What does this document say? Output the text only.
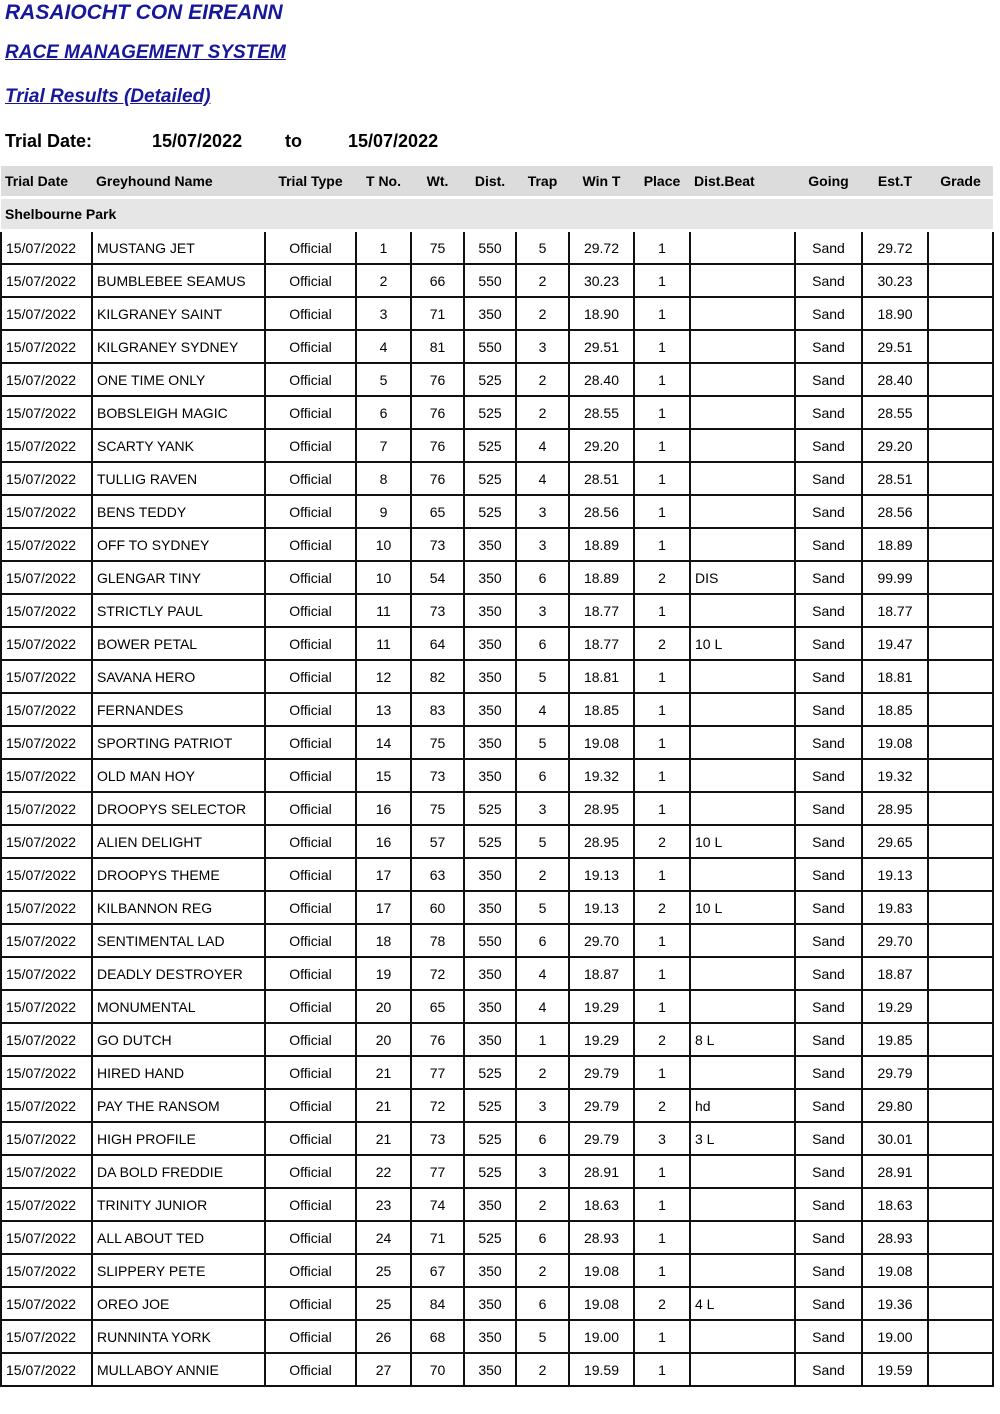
RASAIOCHT CON EIREANN
RACE MANAGEMENT SYSTEM
Trial Results (Detailed)
Trial Date:	15/07/2022 to	15/07/2022
Trial Date	Greyhound Name	Trial Type	T No.	Wt.	Dist.	Trap	Win T	Place	Dist.Beat	Going	Est.T	Grade
Shelbourne Park												
15/07/2022	MUSTANG JET	Official	1	75	550	5	29.72	1		Sand	29.72	
15/07/2022	BUMBLEBEE SEAMUS	Official	2	66	550	2	30.23	1		Sand	30.23	
15/07/2022	KILGRANEY SAINT	Official	3	71	350	2	18.90	1		Sand	18.90	
15/07/2022	KILGRANEY SYDNEY	Official	4	81	550	3	29.51	1		Sand	29.51	
15/07/2022	ONE TIME ONLY	Official	5	76	525	2	28.40	1		Sand	28.40	
15/07/2022	BOBSLEIGH MAGIC	Official	6	76	525	2	28.55	1		Sand	28.55	
15/07/2022	SCARTY YANK	Official	7	76	525	4	29.20	1		Sand	29.20	
15/07/2022	TULLIG RAVEN	Official	8	76	525	4	28.51	1		Sand	28.51	
15/07/2022	BENS TEDDY	Official	9	65	525	3	28.56	1		Sand	28.56	
15/07/2022	OFF TO SYDNEY	Official	10	73	350	3	18.89	1		Sand	18.89	
15/07/2022	GLENGAR TINY	Official	10	54	350	6	18.89	2	DIS	Sand	99.99	
15/07/2022	STRICTLY PAUL	Official	11	73	350	3	18.77	1		Sand	18.77	
15/07/2022	BOWER PETAL	Official	11	64	350	6	18.77	2	10 L	Sand	19.47	
15/07/2022	SAVANA HERO	Official	12	82	350	5	18.81	1		Sand	18.81	
15/07/2022	FERNANDES	Official	13	83	350	4	18.85	1		Sand	18.85	
15/07/2022	SPORTING PATRIOT	Official	14	75	350	5	19.08	1		Sand	19.08	
15/07/2022	OLD MAN HOY	Official	15	73	350	6	19.32	1		Sand	19.32	
15/07/2022	DROOPYS SELECTOR	Official	16	75	525	3	28.95	1		Sand	28.95	
15/07/2022	ALIEN DELIGHT	Official	16	57	525	5	28.95	2	10 L	Sand	29.65	
15/07/2022	DROOPYS THEME	Official	17	63	350	2	19.13	1		Sand	19.13	
15/07/2022	KILBANNON REG	Official	17	60	350	5	19.13	2	10 L	Sand	19.83	
15/07/2022	SENTIMENTAL LAD	Official	18	78	550	6	29.70	1		Sand	29.70	
15/07/2022	DEADLY DESTROYER	Official	19	72	350	4	18.87	1		Sand	18.87	
15/07/2022	MONUMENTAL	Official	20	65	350	4	19.29	1		Sand	19.29	
15/07/2022	GO DUTCH	Official	20	76	350	1	19.29	2	8 L	Sand	19.85	
15/07/2022	HIRED HAND	Official	21	77	525	2	29.79	1		Sand	29.79	
15/07/2022	PAY THE RANSOM	Official	21	72	525	3	29.79	2	hd	Sand	29.80	
15/07/2022	HIGH PROFILE	Official	21	73	525	6	29.79	3	3 L	Sand	30.01	
15/07/2022	DA BOLD FREDDIE	Official	22	77	525	3	28.91	1		Sand	28.91	
15/07/2022	TRINITY JUNIOR	Official	23	74	350	2	18.63	1		Sand	18.63	
15/07/2022	ALL ABOUT TED	Official	24	71	525	6	28.93	1		Sand	28.93	
15/07/2022	SLIPPERY PETE	Official	25	67	350	2	19.08	1		Sand	19.08	
15/07/2022	OREO JOE	Official	25	84	350	6	19.08	2	4 L	Sand	19.36	
15/07/2022	RUNNINTA YORK	Official	26	68	350	5	19.00	1		Sand	19.00	
15/07/2022	MULLABOY ANNIE	Official	27	70	350	2	19.59	1		Sand	19.59	
